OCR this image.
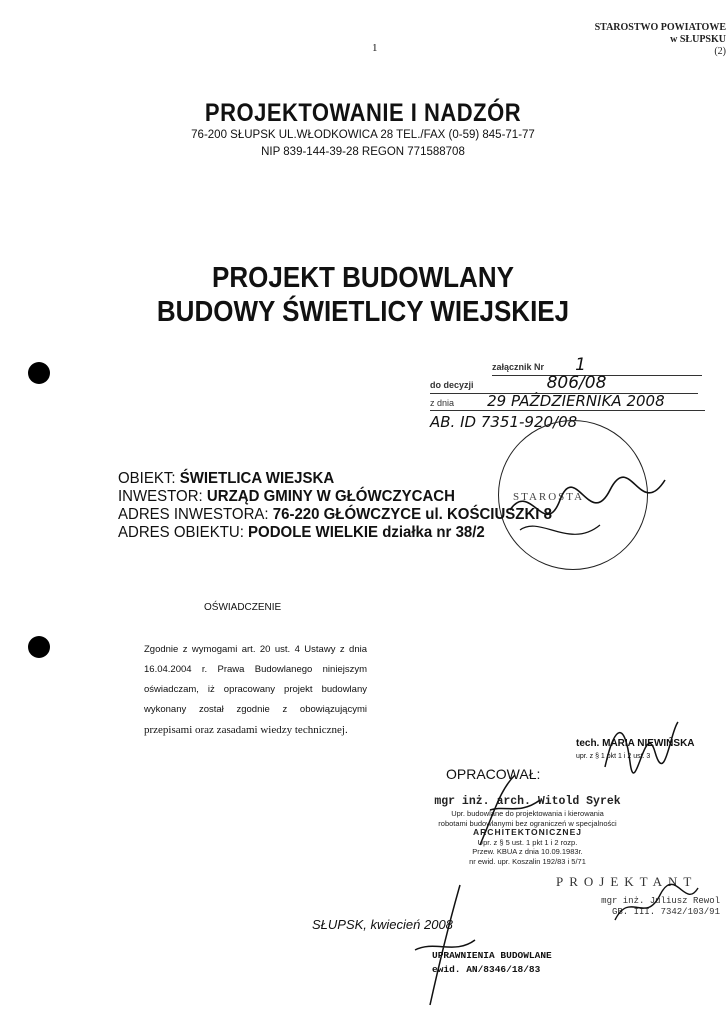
STAROSTWO POWIATOWE
w SŁUPSKU
(2)
1
PROJEKTOWANIE I NADZÓR
76-200 SŁUPSK UL.WŁODKOWICA 28 TEL./FAX (0-59) 845-71-77
NIP 839-144-39-28 REGON 771588708
PROJEKT BUDOWLANY
BUDOWY ŚWIETLICY WIEJSKIEJ
załącznik Nr 1
do decyzji	806/08
z dnia 29 PAŹDZIERNIKA 2008
AB. ID 7351-920/08
STAROSTA
OBIEKT: ŚWIETLICA WIEJSKA
INWESTOR: URZĄD GMINY W GŁÓWCZYCACH
ADRES INWESTORA: 76-220 GŁÓWCZYCE ul. KOŚCIUSZKI 8
ADRES OBIEKTU: PODOLE WIELKIE działka nr 38/2
OŚWIADCZENIE
Zgodnie z wymogami art. 20 ust. 4 Ustawy z dnia 16.04.2004 r. Prawa Budowlanego niniejszym oświadczam, iż opracowany projekt budowlany wykonany został zgodnie z obowiązującymi przepisami oraz zasadami wiedzy technicznej.
tech. MARIA NIEWIŃSKA
upr. z § 1 pkt 1 i 2 ust. 3
OPRACOWAŁ:
mgr inż. arch. Witold Syrek
Upr. budowlane do projektowania i kierowania
robotami budowlanymi bez ograniczeń w specjalności
ARCHITEKTONICZNEJ
Upr. z § 5 ust. 1 pkt 1 i 2 rozp.
Przew. KBUA z dnia 10.09.1983r.
nr ewid. upr. Koszalin 192/83 i 5/71
PROJEKTANT
mgr inż. Juliusz Rewol
GB. III. 7342/103/91
SŁUPSK, kwiecień 2008
UPRAWNIENIA BUDOWLANE
ewid. AN/8346/18/83
